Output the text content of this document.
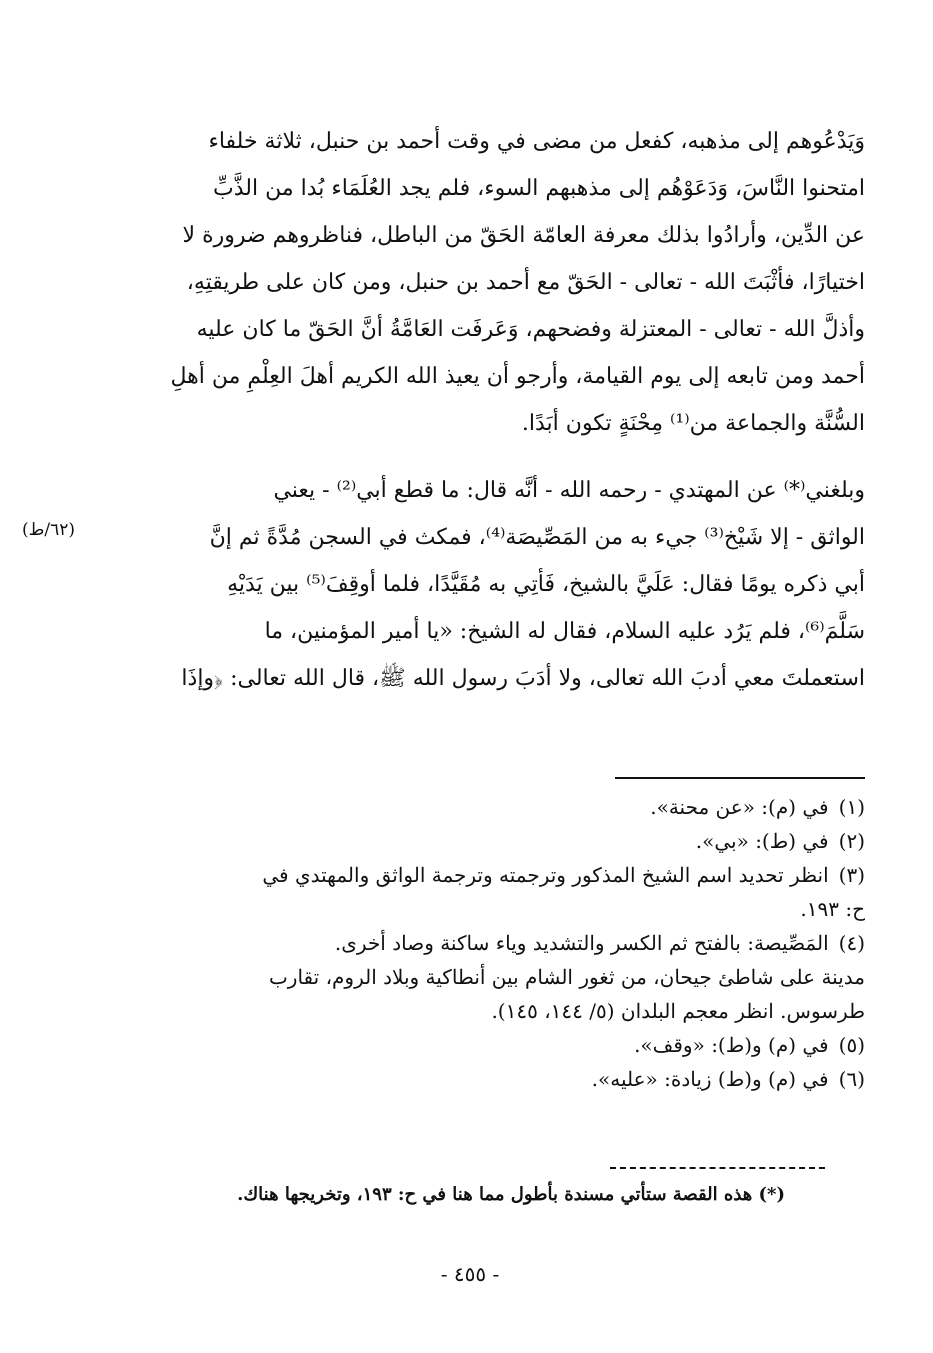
وَيَدْعُوهم إلى مذهبه، كفعل من مضى في وقت أحمد بن حنبل، ثلاثة خلفاء
امتحنوا النَّاسَ، وَدَعَوْهُم إلى مذهبهم السوء، فلم يجد العُلَمَاء بُدا من الذَّبِّ
عن الدِّين، وأرادُوا بذلك معرفة العامّة الحَقّ من الباطل، فناظروهم ضرورة لا
اختيارًا، فأثْبَتَ الله - تعالى - الحَقّ مع أحمد بن حنبل، ومن كان على طريقتِهِ،
وأذلَّ الله - تعالى - المعتزلة وفضحهم، وَعَرفَت العَامَّةُ أنَّ الحَقّ ما كان عليه
أحمد ومن تابعه إلى يوم القيامة، وأرجو أن يعيذ الله الكريم أهلَ العِلْمِ من أهلِ
السُّنَّة والجماعة من⁽¹⁾ مِحْنَةٍ تكون أبَدًا.

وبلغني⁽*⁾ عن المهتدي - رحمه الله - أنَّه قال: ما قطع أبي⁽²⁾ - يعني
الواثق - إلا شَيْخ⁽³⁾ جيء به من المَصِّيصَة⁽⁴⁾، فمكث في السجن مُدَّةً ثم إنَّ
أبي ذكره يومًا فقال: عَلَيَّ بالشيخ، فَأتِي به مُقَيَّدًا، فلما أوقِفَ⁽⁵⁾ بين يَدَيْهِ
سَلَّمَ⁽⁶⁾، فلم يَرُد عليه السلام، فقال له الشيخ: «يا أمير المؤمنين، ما
استعملتَ معي أدبَ الله تعالى، ولا أدَبَ رسول الله ﷺ، قال الله تعالى: ﴿وإذَا

(٦٢/ط)
(١)في (م): «عن محنة».
(٢)في (ط): «بي».
(٣)انظر تحديد اسم الشيخ المذكور وترجمته وترجمة الواثق والمهتدي في
ح: ١٩٣.
(٤)المَصِّيصة: بالفتح ثم الكسر والتشديد وياء ساكنة وصاد أخرى.
مدينة على شاطئ جيحان، من ثغور الشام بين أنطاكية وبلاد الروم، تقارب
طرسوس. انظر معجم البلدان (٥/ ١٤٤، ١٤٥).
(٥)في (م) و(ط): «وقف».
(٦)في (م) و(ط) زيادة: «عليه».
(*) هذه القصة ستأتي مسندة بأطول مما هنا في ح: ١٩٣، وتخريجها هناك.
- ٤٥٥ -
